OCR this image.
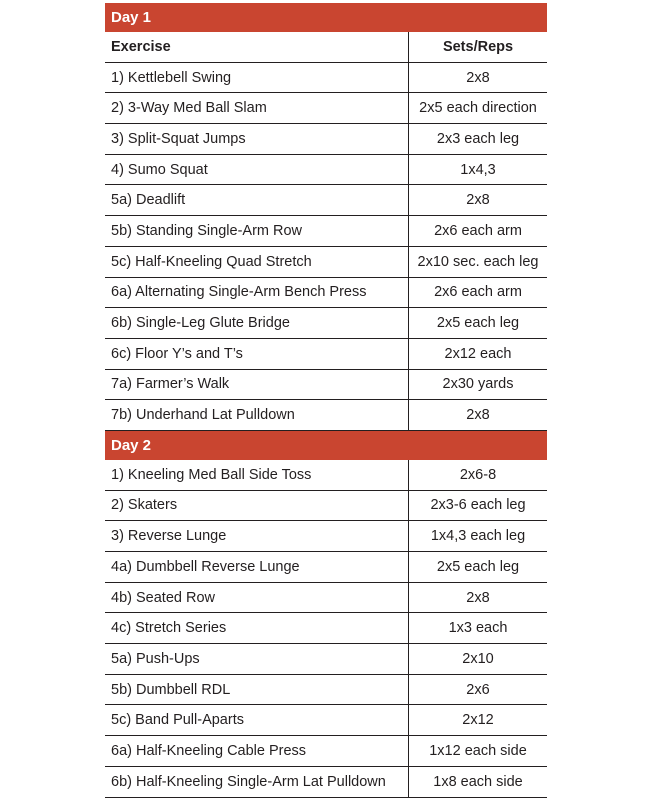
Day 1
Exercise	Sets/Reps
1) Kettlebell Swing	2x8
2) 3-Way Med Ball Slam	2x5 each direction
3) Split-Squat Jumps	2x3 each leg
4) Sumo Squat	1x4,3
5a) Deadlift	2x8
5b) Standing Single-Arm Row	2x6 each arm
5c) Half-Kneeling Quad Stretch	2x10 sec. each leg
6a) Alternating Single-Arm Bench Press	2x6 each arm
6b) Single-Leg Glute Bridge	2x5 each leg
6c) Floor Y’s and T’s	2x12 each
7a) Farmer’s Walk	2x30 yards
7b) Underhand Lat Pulldown	2x8
Day 2
1) Kneeling Med Ball Side Toss	2x6-8
2) Skaters	2x3-6 each leg
3) Reverse Lunge	1x4,3 each leg
4a) Dumbbell Reverse Lunge	2x5 each leg
4b) Seated Row	2x8
4c) Stretch Series	1x3 each
5a) Push-Ups	2x10
5b) Dumbbell RDL	2x6
5c) Band Pull-Aparts	2x12
6a) Half-Kneeling Cable Press	1x12 each side
6b) Half-Kneeling Single-Arm Lat Pulldown	1x8 each side
